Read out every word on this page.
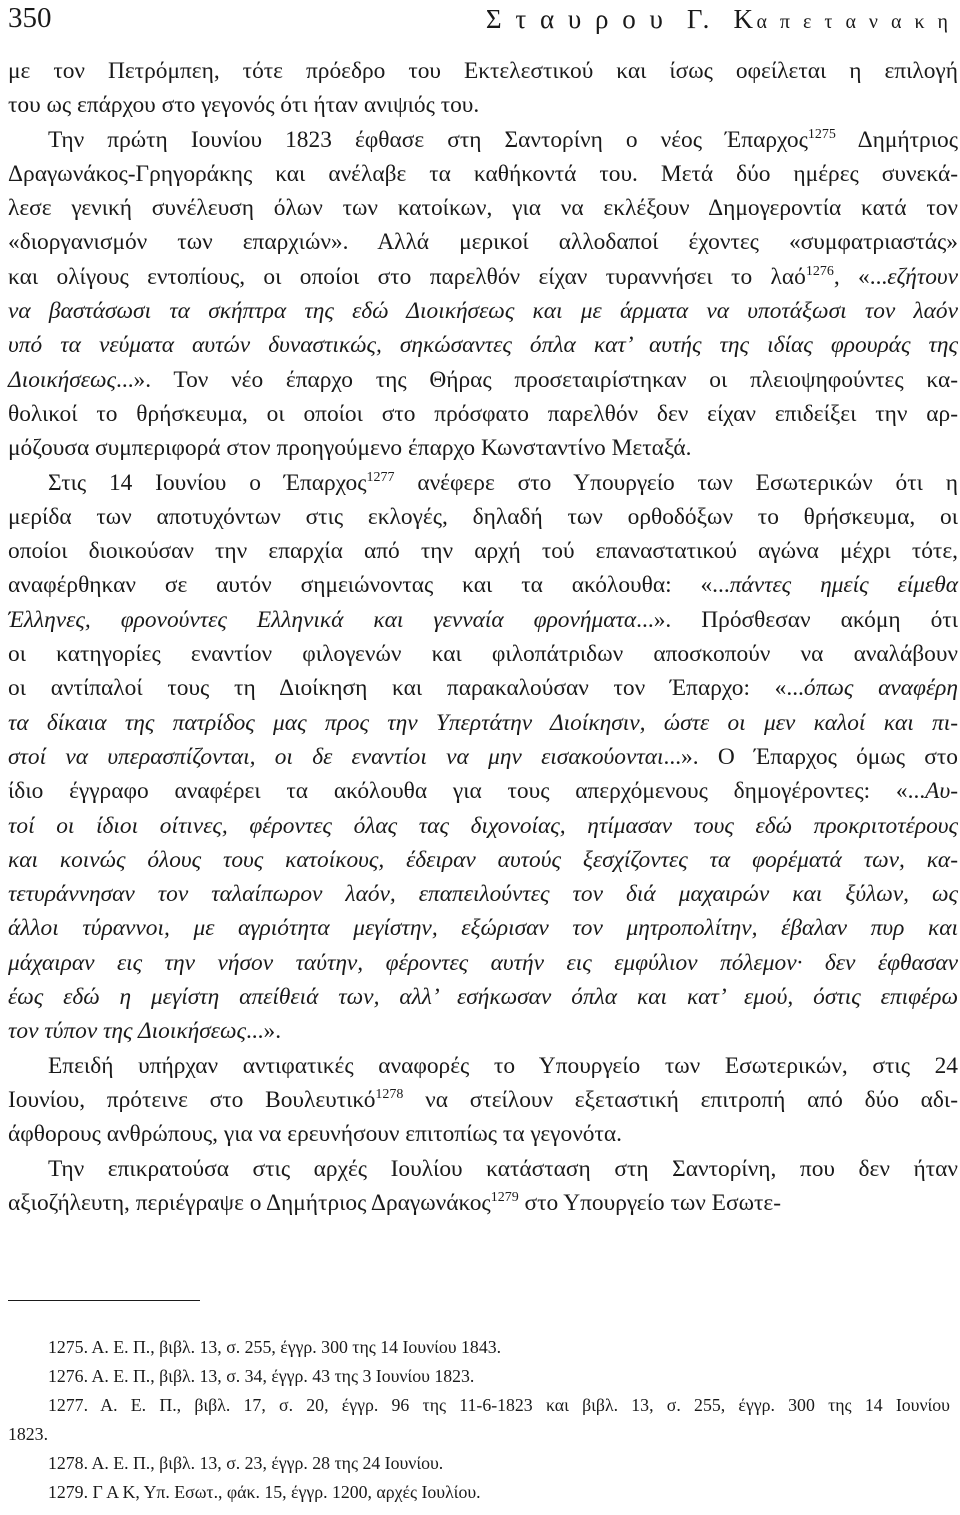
350	Σ τ α υ ρ ο υ Γ. Κα π ε τ α ν α κ η
με τον Πετρόμπεη, τότε πρόεδρο του Εκτελεστικού και ίσως οφείλεται η επιλογή
του ως επάρχου στο γεγονός ότι ήταν ανιψιός του.
Την πρώτη Ιουνίου 1823 έφθασε στη Σαντορίνη ο νέος Έπαρχος$^{1275}$ Δημήτριος
Δραγωνάκος-Γρηγοράκης και ανέλαβε τα καθήκοντά του. Μετά δύο ημέρες συνεκά-
λεσε γενική συνέλευση όλων των κατοίκων, για να εκλέξουν Δημογεροντία κατά τον
«διοργανισμόν των επαρχιών». Αλλά μερικοί αλλοδαποί έχοντες «συμφατριαστάς»
και ολίγους εντοπίους, οι οποίοι στο παρελθόν είχαν τυραννήσει το λαό$^{1276}$, «...εζήτουν
να βαστάσωσι τα σκήπτρα της εδώ Διοικήσεως και με άρματα να υποτάξωσι τον λαόν
υπό τα νεύματα αυτών δυναστικώς, σηκώσαντες όπλα κατ’ αυτής της ιδίας φρουράς της
Διοικήσεως...». Τον νέο έπαρχο της Θήρας προσεταιρίστηκαν οι πλειοψηφούντες κα-
θολικοί το θρήσκευμα, οι οποίοι στο πρόσφατο παρελθόν δεν είχαν επιδείξει την αρ-
μόζουσα συμπεριφορά στον προηγούμενο έπαρχο Κωνσταντίνο Μεταξά.
Στις 14 Ιουνίου ο Έπαρχος$^{1277}$ ανέφερε στο Υπουργείο των Εσωτερικών ότι η
μερίδα των αποτυχόντων στις εκλογές, δηλαδή των ορθοδόξων το θρήσκευμα, οι
οποίοι διοικούσαν την επαρχία από την αρχή τού επαναστατικού αγώνα μέχρι τότε,
αναφέρθηκαν σε αυτόν σημειώνοντας και τα ακόλουθα: «...πάντες ημείς είμεθα
Έλληνες, φρονούντες Ελληνικά και γενναία φρονήματα...». Πρόσθεσαν ακόμη ότι
οι κατηγορίες εναντίον φιλογενών και φιλοπάτριδων αποσκοπούν να αναλάβουν
οι αντίπαλοί τους τη Διοίκηση και παρακαλούσαν τον Έπαρχο: «...όπως αναφέρη
τα δίκαια της πατρίδος μας προς την Υπερτάτην Διοίκησιν, ώστε οι μεν καλοί και πι-
στοί να υπερασπίζονται, οι δε εναντίοι να μην εισακούονται...». Ο Έπαρχος όμως στο
ίδιο έγγραφο αναφέρει τα ακόλουθα για τους απερχόμενους δημογέροντες: «...Αυ-
τοί οι ίδιοι οίτινες, φέροντες όλας τας διχονοίας, ητίμασαν τους εδώ προκριτοτέρους
και κοινώς όλους τους κατοίκους, έδειραν αυτούς ξεσχίζοντες τα φορέματά των, κα-
τετυράννησαν τον ταλαίπωρον λαόν, επαπειλούντες τον διά μαχαιρών και ξύλων, ως
άλλοι τύραννοι, με αγριότητα μεγίστην, εξώρισαν τον μητροπολίτην, έβαλαν πυρ και
μάχαιραν εις την νήσον ταύτην, φέροντες αυτήν εις εμφύλιον πόλεμον· δεν έφθασαν
έως εδώ η μεγίστη απείθειά των, αλλ’ εσήκωσαν όπλα και κατ’ εμού, όστις επιφέρω
τον τύπον της Διοικήσεως...».
Επειδή υπήρχαν αντιφατικές αναφορές το Υπουργείο των Εσωτερικών, στις 24
Ιουνίου, πρότεινε στο Βουλευτικό$^{1278}$ να στείλουν εξεταστική επιτροπή από δύο αδι-
άφθορους ανθρώπους, για να ερευνήσουν επιτοπίως τα γεγονότα.
Την επικρατούσα στις αρχές Ιουλίου κατάσταση στη Σαντορίνη, που δεν ήταν
αξιοζήλευτη, περιέγραψε ο Δημήτριος Δραγωνάκος$^{1279}$ στο Υπουργείο των Εσωτε-
1275. Α. Ε. Π., βιβλ. 13, σ. 255, έγγρ. 300 της 14 Ιουνίου 1843.
1276. Α. Ε. Π., βιβλ. 13, σ. 34, έγγρ. 43 της 3 Ιουνίου 1823.
1277. Α. Ε. Π., βιβλ. 17, σ. 20, έγγρ. 96 της 11-6-1823 και βιβλ. 13, σ. 255, έγγρ. 300 της 14 Ιουνίου
1823.
1278. Α. Ε. Π., βιβλ. 13, σ. 23, έγγρ. 28 της 24 Ιουνίου.
1279. Γ Α Κ, Υπ. Εσωτ., φάκ. 15, έγγρ. 1200, αρχές Ιουλίου.
